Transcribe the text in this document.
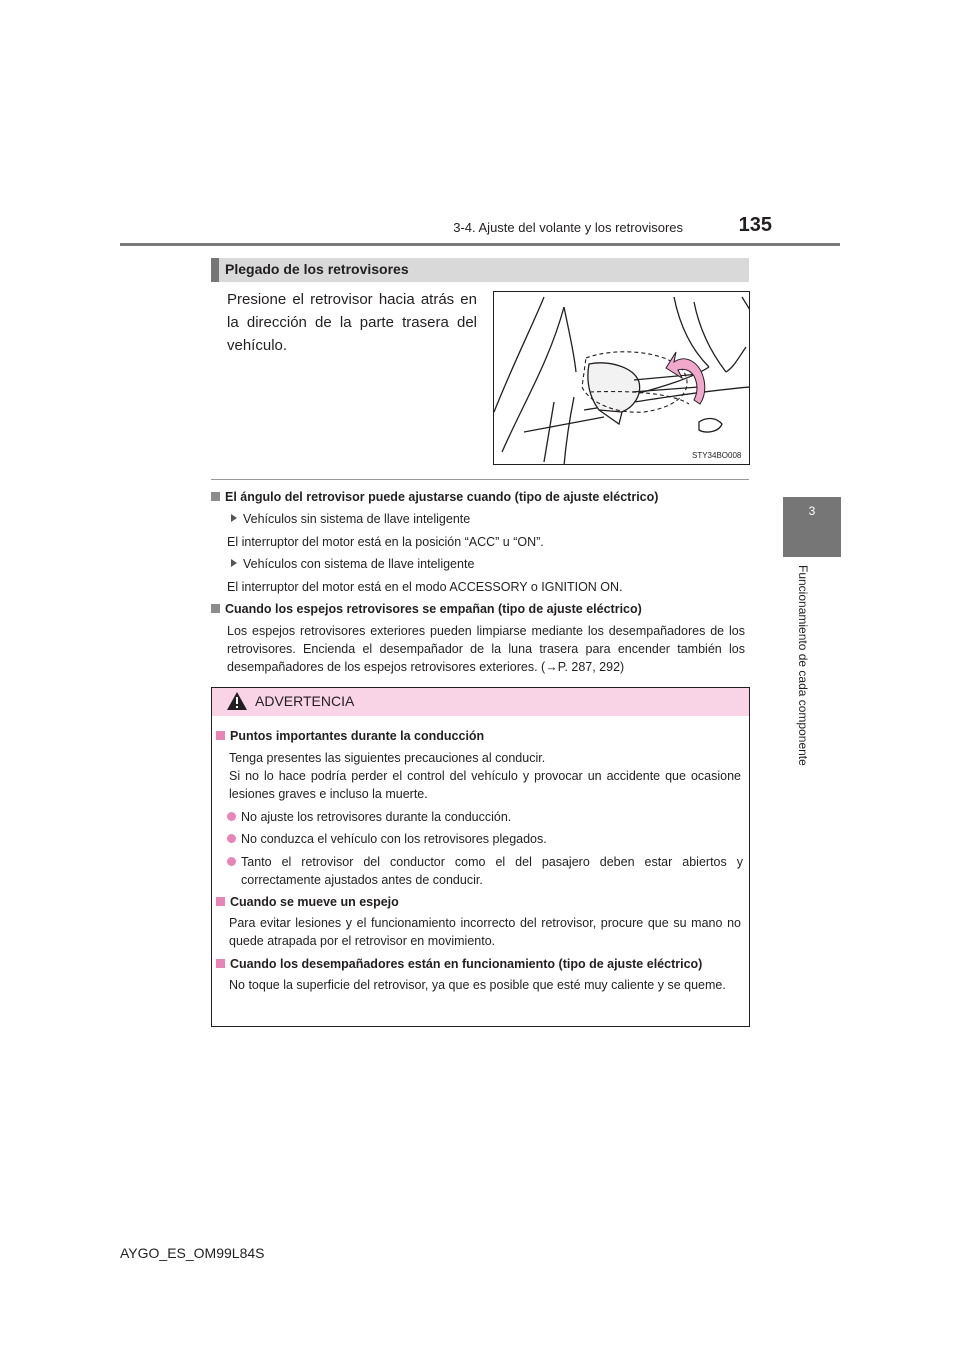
3-4. Ajuste del volante y los retrovisores	135
3
Funcionamiento de cada componente
Plegado de los retrovisores
Presione el retrovisor hacia atrás en la dirección de la parte trasera del vehículo.
STY34BO008
El ángulo del retrovisor puede ajustarse cuando (tipo de ajuste eléctrico)
Vehículos sin sistema de llave inteligente
El interruptor del motor está en la posición “ACC” u “ON”.
Vehículos con sistema de llave inteligente
El interruptor del motor está en el modo ACCESSORY o IGNITION ON.
Cuando los espejos retrovisores se empañan (tipo de ajuste eléctrico)
Los espejos retrovisores exteriores pueden limpiarse mediante los desempañadores de los retrovisores. Encienda el desempañador de la luna trasera para encender también los desempañadores de los espejos retrovisores exteriores. (→P. 287, 292)
ADVERTENCIA
Puntos importantes durante la conducción
Tenga presentes las siguientes precauciones al conducir.
Si no lo hace podría perder el control del vehículo y provocar un accidente que ocasione lesiones graves e incluso la muerte.
No ajuste los retrovisores durante la conducción.
No conduzca el vehículo con los retrovisores plegados.
Tanto el retrovisor del conductor como el del pasajero deben estar abiertos y correctamente ajustados antes de conducir.
Cuando se mueve un espejo
Para evitar lesiones y el funcionamiento incorrecto del retrovisor, procure que su mano no quede atrapada por el retrovisor en movimiento.
Cuando los desempañadores están en funcionamiento (tipo de ajuste eléctrico)
No toque la superficie del retrovisor, ya que es posible que esté muy caliente y se queme.
AYGO_ES_OM99L84S
